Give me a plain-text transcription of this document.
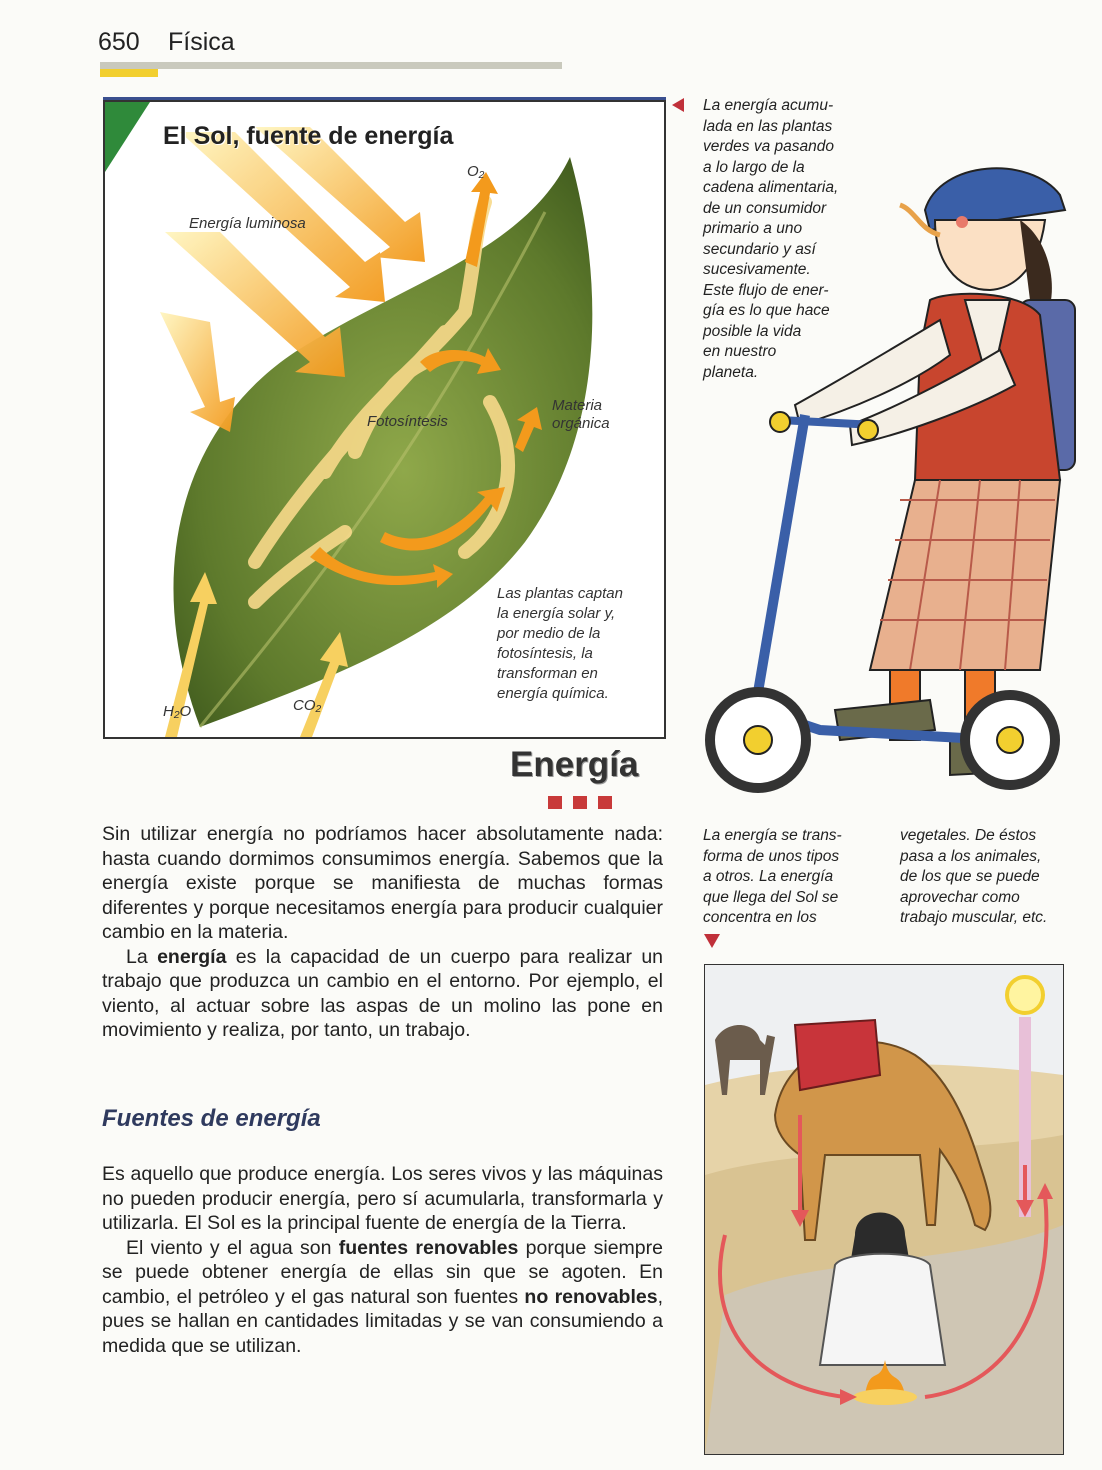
650 Física
El Sol, fuente de energía
O₂
Energía luminosa
Fotosíntesis
Materia
orgánica
H₂O	CO₂
Las plantas captan
la energía solar y,
por medio de la
fotosíntesis, la
transforman en
energía química.
La energía acumu-
lada en las plantas
verdes va pasando
a lo largo de la
cadena alimentaria,
de un consumidor
primario a uno
secundario y así
sucesivamente.
Este flujo de ener-
gía es lo que hace
posible la vida
en nuestro
planeta.
Energía

Sin utilizar energía no podríamos hacer absolutamente nada: hasta cuando dormimos consumimos energía. Sabemos que la energía existe porque se manifiesta de muchas formas diferentes y porque necesitamos energía para producir cualquier cambio en la materia.

La energía es la capacidad de un cuerpo para realizar un trabajo que produzca un cambio en el entorno. Por ejemplo, el viento, al actuar sobre las aspas de un molino las pone en movimiento y realiza, por tanto, un trabajo.

Fuentes de energía

Es aquello que produce energía. Los seres vivos y las máquinas no pueden producir energía, pero sí acumularla, transformarla y utilizarla. El Sol es la principal fuente de energía de la Tierra.

El viento y el agua son fuentes renovables porque siempre se puede obtener energía de ellas sin que se agoten. En cambio, el petróleo y el gas natural son fuentes no renovables, pues se hallan en cantidades limitadas y se van consumiendo a medida que se utilizan.

La energía se trans-
forma de unos tipos
a otros. La energía
que llega del Sol se
concentra en los
vegetales. De éstos
pasa a los animales,
de los que se puede
aprovechar como
trabajo muscular, etc.
